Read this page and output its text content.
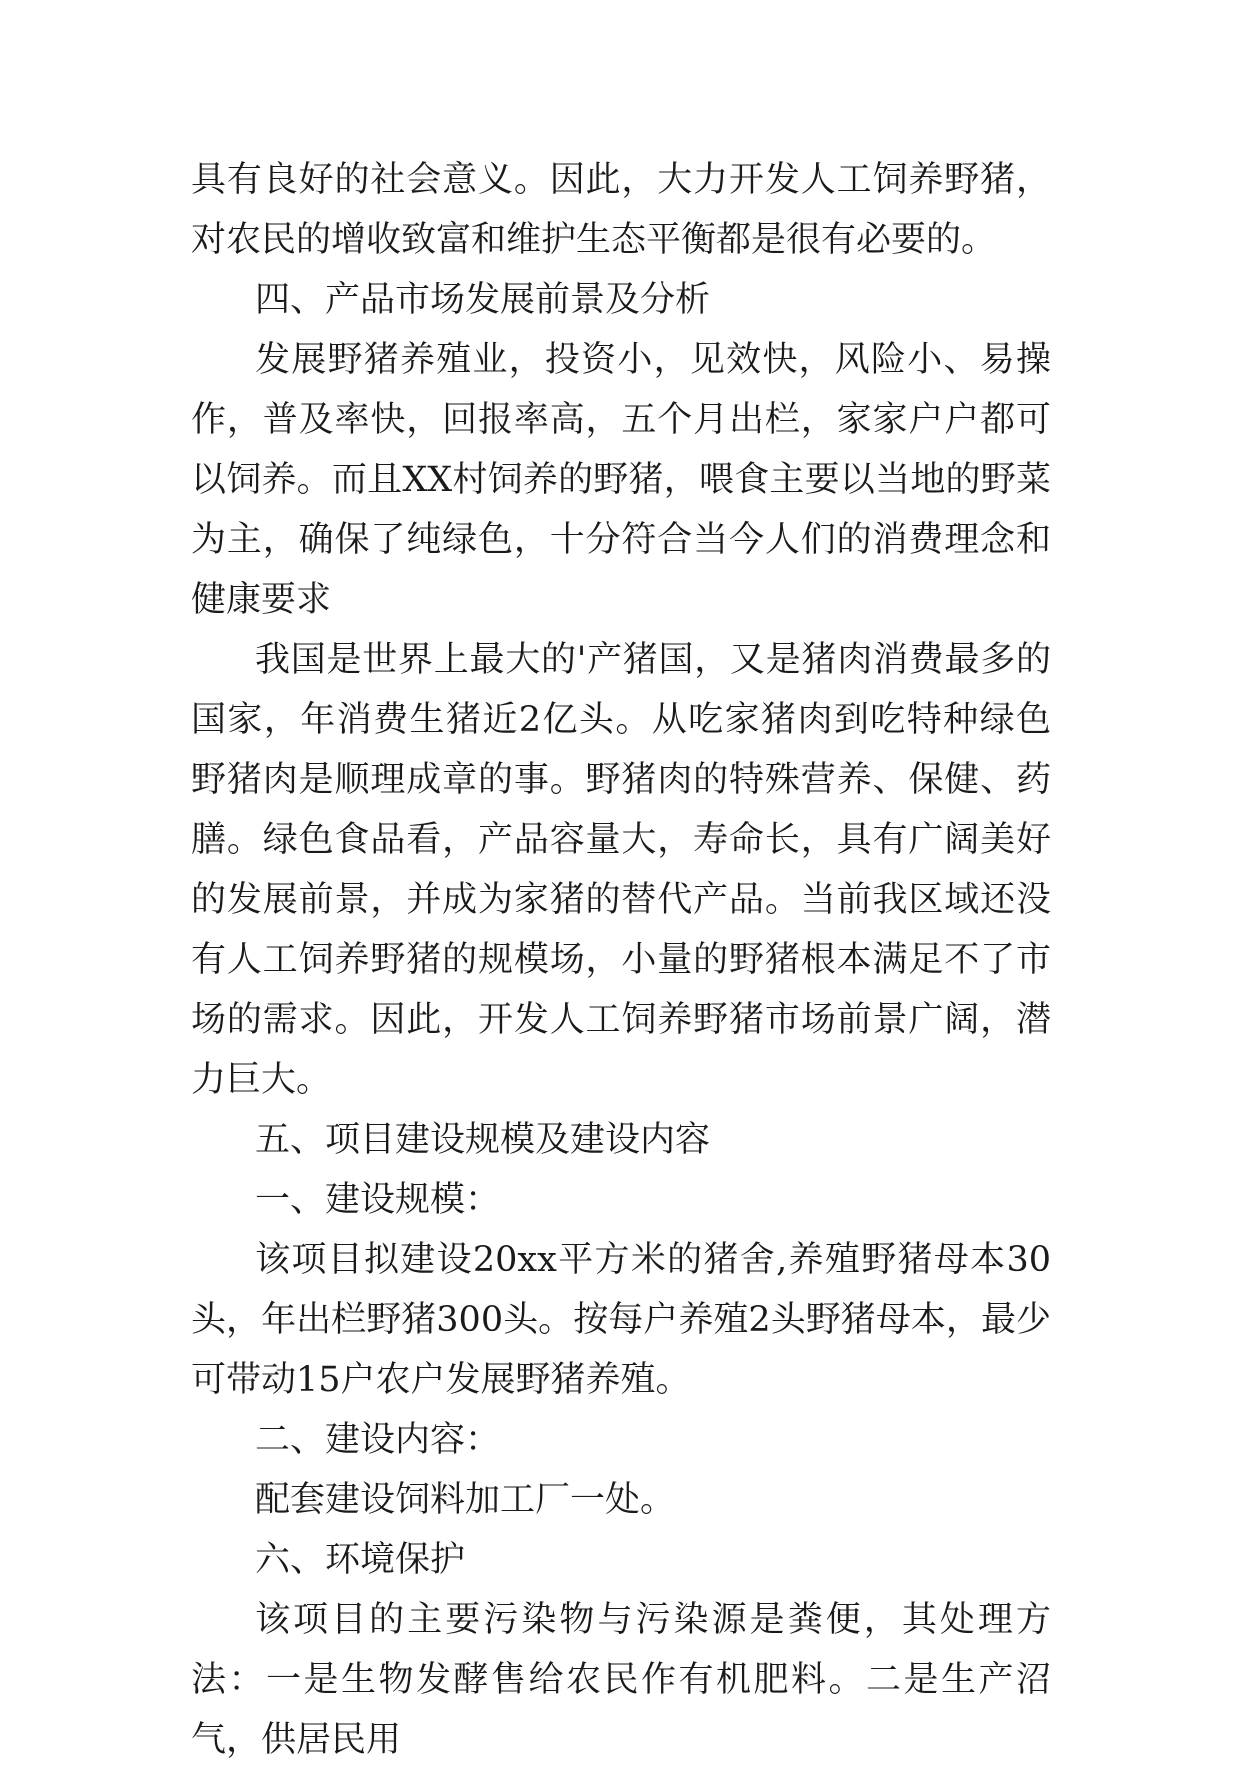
具有良好的社会意义。因此，大力开发人工饲养野猪，对农民的增收致富和维护生态平衡都是很有必要的。

四、产品市场发展前景及分析

发展野猪养殖业，投资小，见效快，风险小、易操作，普及率快，回报率高，五个月出栏，家家户户都可以饲养。而且XX村饲养的野猪，喂食主要以当地的野菜为主，确保了纯绿色，十分符合当今人们的消费理念和健康要求

我国是世界上最大的'产猪国，又是猪肉消费最多的国家，年消费生猪近2亿头。从吃家猪肉到吃特种绿色野猪肉是顺理成章的事。野猪肉的特殊营养、保健、药膳。绿色食品看，产品容量大，寿命长，具有广阔美好的发展前景，并成为家猪的替代产品。当前我区域还没有人工饲养野猪的规模场，小量的野猪根本满足不了市场的需求。因此，开发人工饲养野猪市场前景广阔，潜力巨大。

五、项目建设规模及建设内容

一、建设规模：

该项目拟建设20xx平方米的猪舍,养殖野猪母本30头，年出栏野猪300头。按每户养殖2头野猪母本，最少可带动15户农户发展野猪养殖。

二、建设内容：

配套建设饲料加工厂一处。

六、环境保护

该项目的主要污染物与污染源是粪便，其处理方法：一是生物发酵售给农民作有机肥料。二是生产沼气，供居民用
